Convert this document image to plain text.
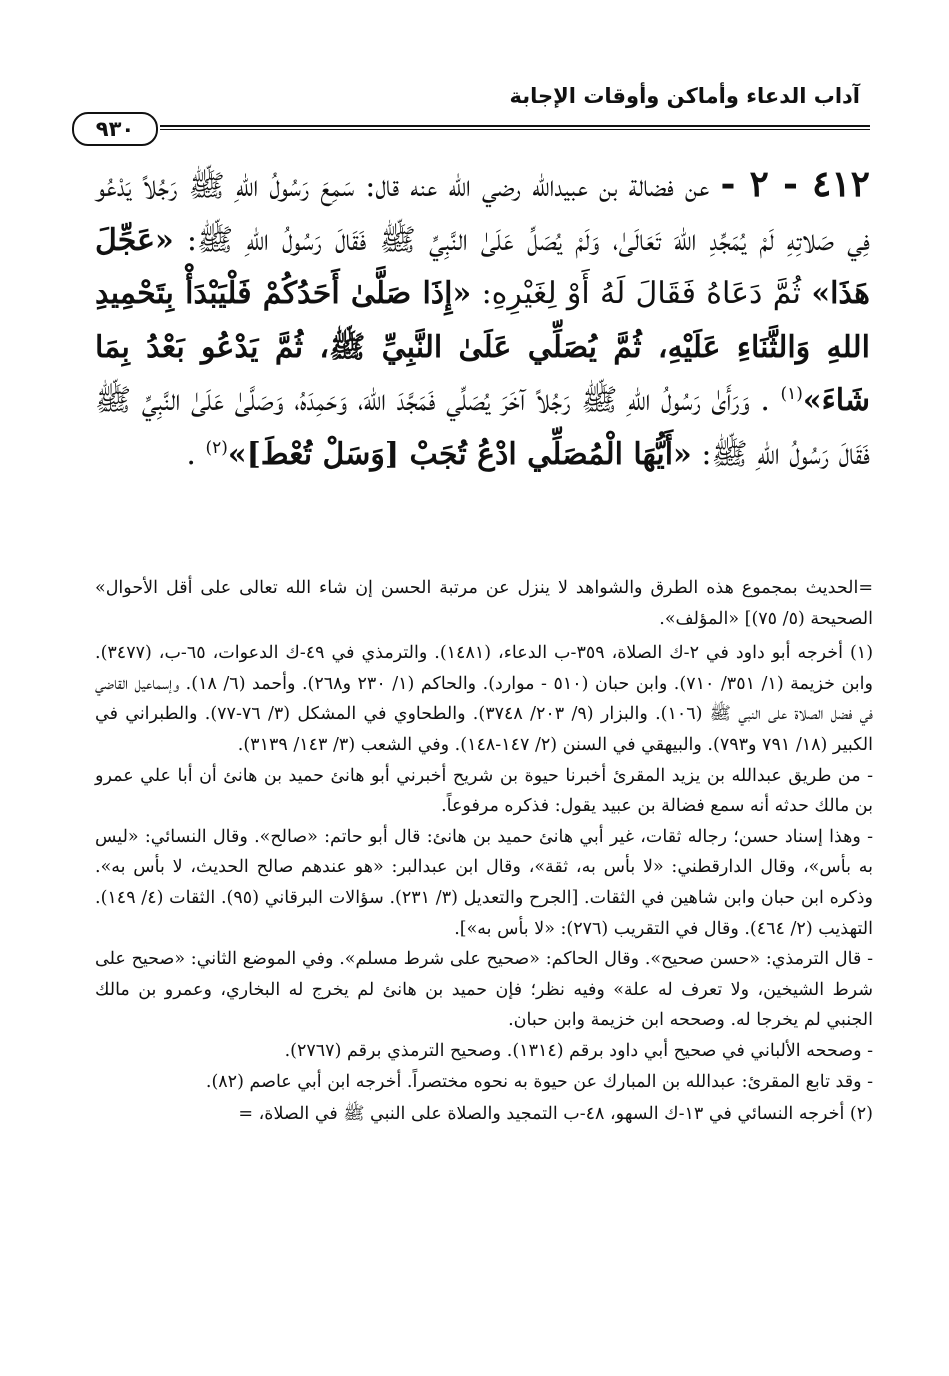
آداب الدعاء وأماكن وأوقات الإجابة
٩٣٠

٤١٢ - ٢ - عن فضالة بن عبيدالله رضي الله عنه قال: سَمِعَ رَسُولُ اللهِ ﷺ رَجُلاً يَدْعُو فِي صَلاتِهِ لَمْ يُمَجِّدِ اللهَ تَعَالَىٰ، وَلَمْ يُصَلِّ عَلَىٰ النَّبِيِّ ﷺ فَقَالَ رَسُولُ اللهِ ﷺ: «عَجِّلَ هَذَا» ثُمَّ دَعَاهُ فَقَالَ لَهُ أَوْ لِغَيْرِهِ: «إِذَا صَلَّىٰ أَحَدُكُمْ فَلْيَبْدَأْ بِتَحْمِيدِ اللهِ وَالثَّنَاءِ عَلَيْهِ، ثُمَّ يُصَلِّي عَلَىٰ النَّبِيِّ ﷺ، ثُمَّ يَدْعُو بَعْدُ بِمَا شَاءَ»$^{(١)}$ . وَرَأَىٰ رَسُولُ اللهِ ﷺ رَجُلاً آخَرَ يُصَلِّي فَمَجَّدَ اللهَ، وَحَمِدَهُ، وَصَلَّىٰ عَلَىٰ النَّبِيِّ ﷺ فَقَالَ رَسُولُ اللهِ ﷺ: «أَيُّهَا الْمُصَلِّي ادْعُ تُجَبْ [وَسَلْ تُعْطَ]»$^{(٢)}$ .

=الحديث بمجموع هذه الطرق والشواهد لا ينزل عن مرتبة الحسن إن شاء الله تعالى على أقل الأحوال» الصحيحة (٥/ ٧٥)] «المؤلف».

(١) أخرجه أبو داود في ٢-ك الصلاة، ٣٥٩-ب الدعاء، (١٤٨١). والترمذي في ٤٩-ك الدعوات، ٦٥-ب، (٣٤٧٧). وابن خزيمة (١/ ٣٥١/ ٧١٠). وابن حبان (٥١٠ - موارد). والحاكم (١/ ٢٣٠ و٢٦٨). وأحمد (٦/ ١٨). وإسماعيل القاضي في فضل الصلاة على النبي ﷺ (١٠٦). والبزار (٩/ ٢٠٣/ ٣٧٤٨). والطحاوي في المشكل (٣/ ٧٦-٧٧). والطبراني في الكبير (١٨/ ٧٩١ و٧٩٣). والبيهقي في السنن (٢/ ١٤٧-١٤٨). وفي الشعب (٣/ ١٤٣/ ٣١٣٩).

- من طريق عبدالله بن يزيد المقرئ أخبرنا حيوة بن شريح أخبرني أبو هانئ حميد بن هانئ أن أبا علي عمرو بن مالك حدثه أنه سمع فضالة بن عبيد يقول: فذكره مرفوعاً.

- وهذا إسناد حسن؛ رجاله ثقات، غير أبي هانئ حميد بن هانئ: قال أبو حاتم: «صالح». وقال النسائي: «ليس به بأس»، وقال الدارقطني: «لا بأس به، ثقة»، وقال ابن عبدالبر: «هو عندهم صالح الحديث، لا بأس به». وذكره ابن حبان وابن شاهين في الثقات. [الجرح والتعديل (٣/ ٢٣١). سؤالات البرقاني (٩٥). الثقات (٤/ ١٤٩). التهذيب (٢/ ٤٦٤). وقال في التقريب (٢٧٦): «لا بأس به»].

- قال الترمذي: «حسن صحيح». وقال الحاكم: «صحيح على شرط مسلم». وفي الموضع الثاني: «صحيح على شرط الشيخين، ولا تعرف له علة» وفيه نظر؛ فإن حميد بن هانئ لم يخرج له البخاري، وعمرو بن مالك الجنبي لم يخرجا له. وصححه ابن خزيمة وابن حبان.

- وصححه الألباني في صحيح أبي داود برقم (١٣١٤). وصحيح الترمذي برقم (٢٧٦٧).

- وقد تابع المقرئ: عبدالله بن المبارك عن حيوة به نحوه مختصراً. أخرجه ابن أبي عاصم (٨٢).

(٢) أخرجه النسائي في ١٣-ك السهو، ٤٨-ب التمجيد والصلاة على النبي ﷺ في الصلاة، =
